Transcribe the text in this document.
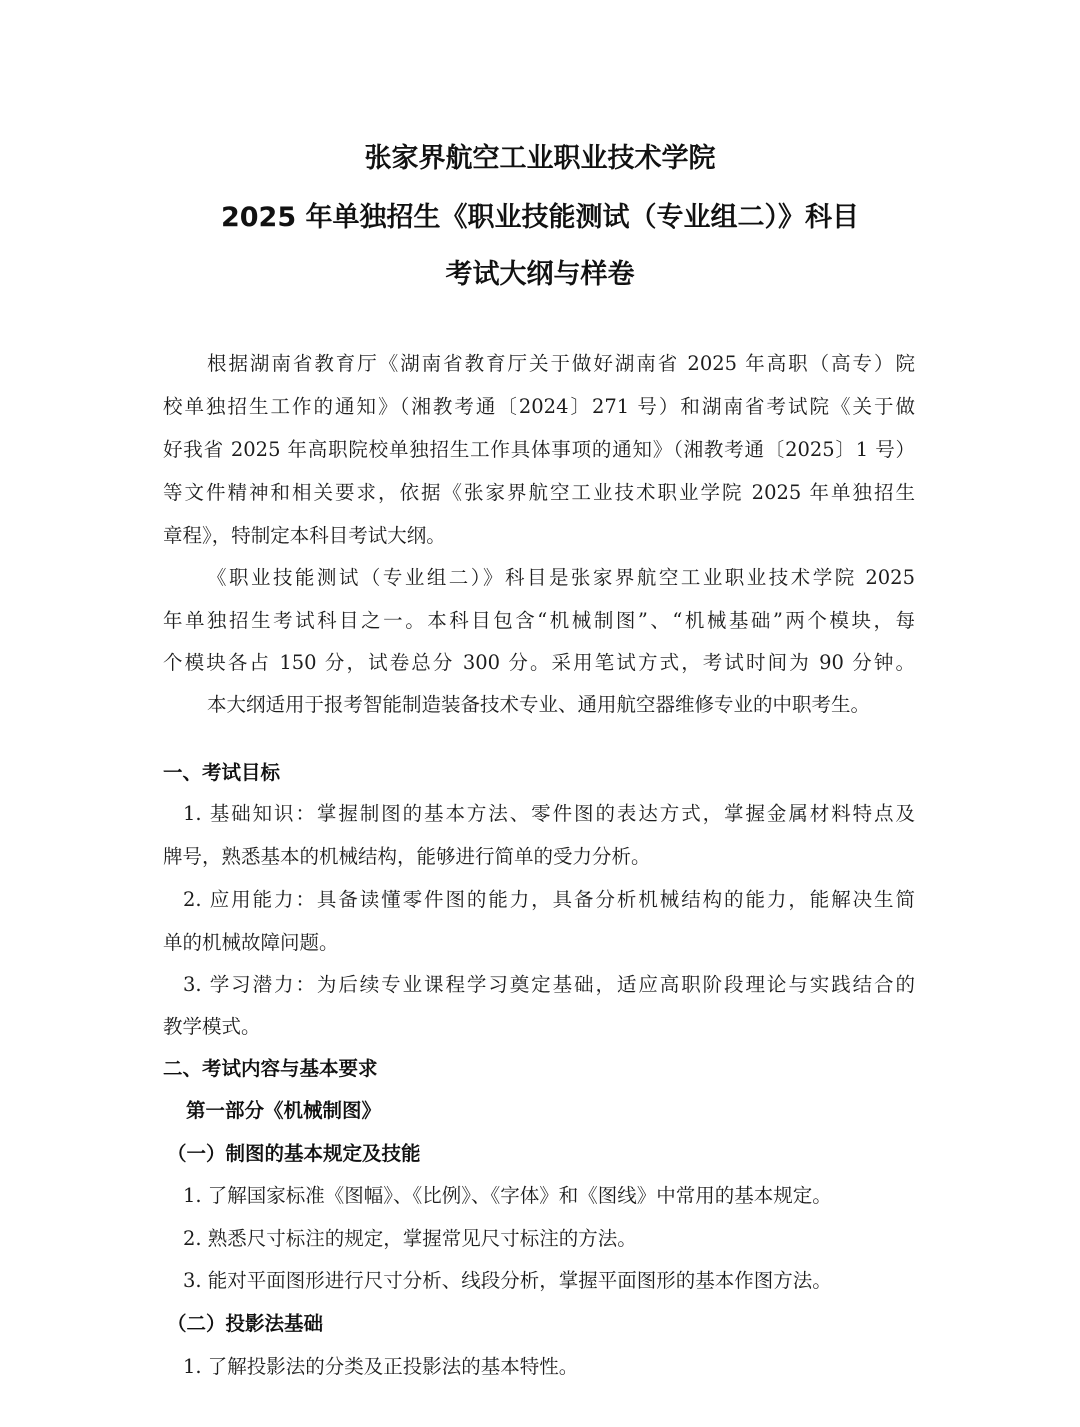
张家界航空工业职业技术学院
2025 年单独招生《职业技能测试（专业组二）》科目
考试大纲与样卷
根据湖南省教育厅《湖南省教育厅关于做好湖南省 2025 年高职（高专）院
校单独招生工作的通知》（湘教考通〔2024〕271 号）和湖南省考试院《关于做
好我省 2025 年高职院校单独招生工作具体事项的通知》（湘教考通〔2025〕1 号）
等文件精神和相关要求，依据《张家界航空工业技术职业学院 2025 年单独招生
章程》，特制定本科目考试大纲。
《职业技能测试（专业组二）》科目是张家界航空工业职业技术学院 2025
年单独招生考试科目之一。本科目包含“机械制图”、“机械基础”两个模块，每
个模块各占 150 分，试卷总分 300 分。采用笔试方式，考试时间为 90 分钟。
本大纲适用于报考智能制造装备技术专业、通用航空器维修专业的中职考生。
一、考试目标
1. 基础知识：掌握制图的基本方法、零件图的表达方式，掌握金属材料特点及
牌号，熟悉基本的机械结构，能够进行简单的受力分析。
2. 应用能力：具备读懂零件图的能力，具备分析机械结构的能力，能解决生简
单的机械故障问题。
3. 学习潜力：为后续专业课程学习奠定基础，适应高职阶段理论与实践结合的
教学模式。
二、考试内容与基本要求
第一部分《机械制图》
（一）制图的基本规定及技能
1. 了解国家标准《图幅》、《比例》、《字体》和《图线》中常用的基本规定。
2. 熟悉尺寸标注的规定，掌握常见尺寸标注的方法。
3. 能对平面图形进行尺寸分析、线段分析，掌握平面图形的基本作图方法。
（二）投影法基础
1. 了解投影法的分类及正投影法的基本特性。
